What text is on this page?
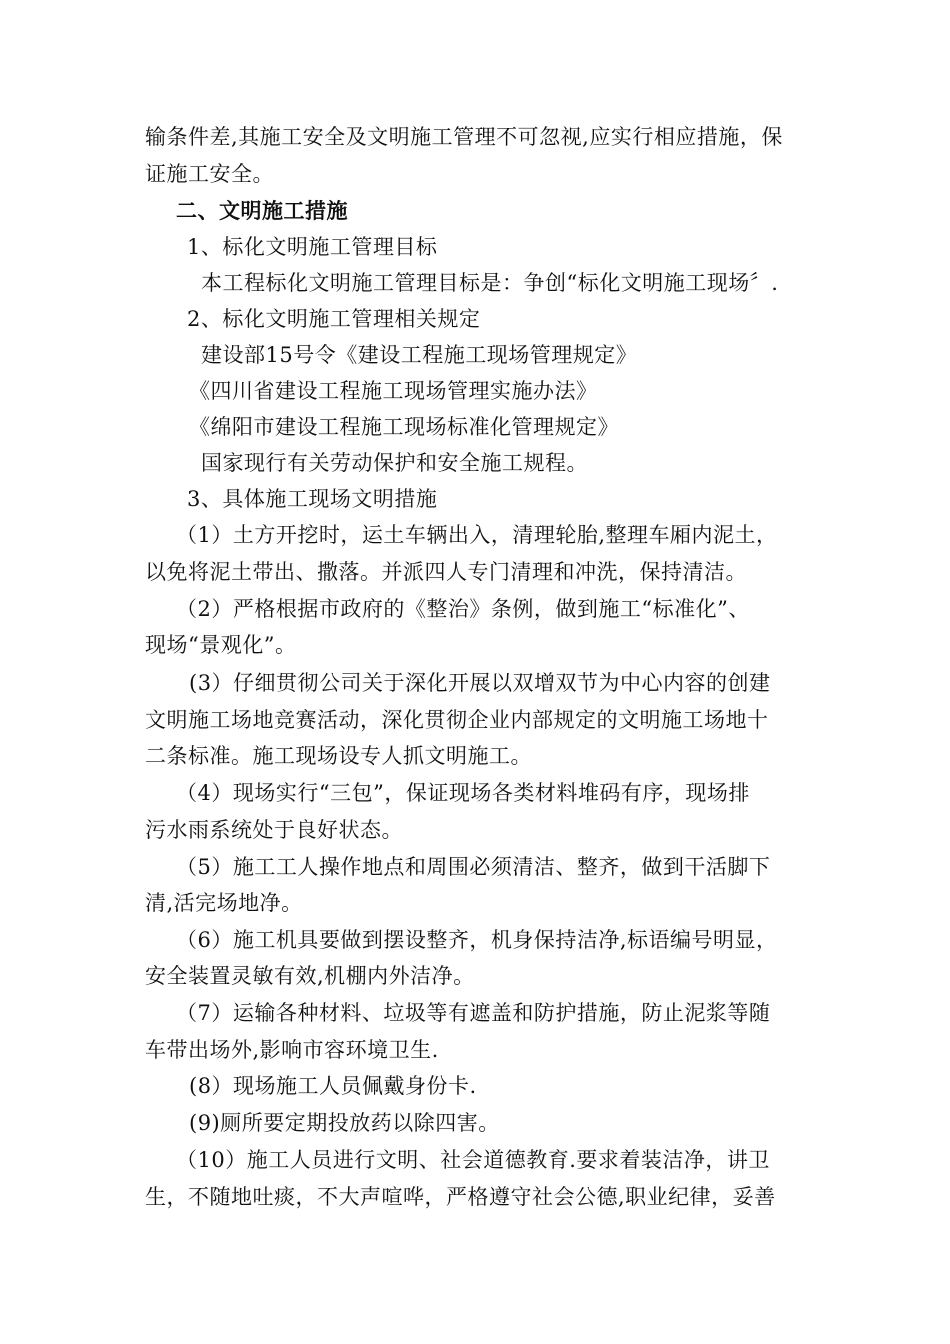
输条件差,其施工安全及文明施工管理不可忽视,应实行相应措施，保
证施工安全。
二、文明施工措施
1、标化文明施工管理目标
本工程标化文明施工管理目标是：争创“标化文明施工现场〞.
2、标化文明施工管理相关规定
建设部15号令《建设工程施工现场管理规定》
《四川省建设工程施工现场管理实施办法》
《绵阳市建设工程施工现场标准化管理规定》
国家现行有关劳动保护和安全施工规程。
3、具体施工现场文明措施
（1）土方开挖时，运土车辆出入，清理轮胎,整理车厢内泥土，
以免将泥土带出、撒落。并派四人专门清理和冲洗，保持清洁。
（2）严格根据市政府的《整治》条例，做到施工“标准化”、
现场“景观化”。
(3）仔细贯彻公司关于深化开展以双增双节为中心内容的创建
文明施工场地竞赛活动，深化贯彻企业内部规定的文明施工场地十
二条标准。施工现场设专人抓文明施工。
（4）现场实行“三包”，保证现场各类材料堆码有序，现场排
污水雨系统处于良好状态。
（5）施工工人操作地点和周围必须清洁、整齐，做到干活脚下
清,活完场地净。
（6）施工机具要做到摆设整齐，机身保持洁净,标语编号明显，
安全装置灵敏有效,机棚内外洁净。
（7）运输各种材料、垃圾等有遮盖和防护措施，防止泥浆等随
车带出场外,影响市容环境卫生.
(8）现场施工人员佩戴身份卡.
(9)厕所要定期投放药以除四害。
（10）施工人员进行文明、社会道德教育.要求着装洁净，讲卫
生，不随地吐痰，不大声喧哗，严格遵守社会公德,职业纪律，妥善
